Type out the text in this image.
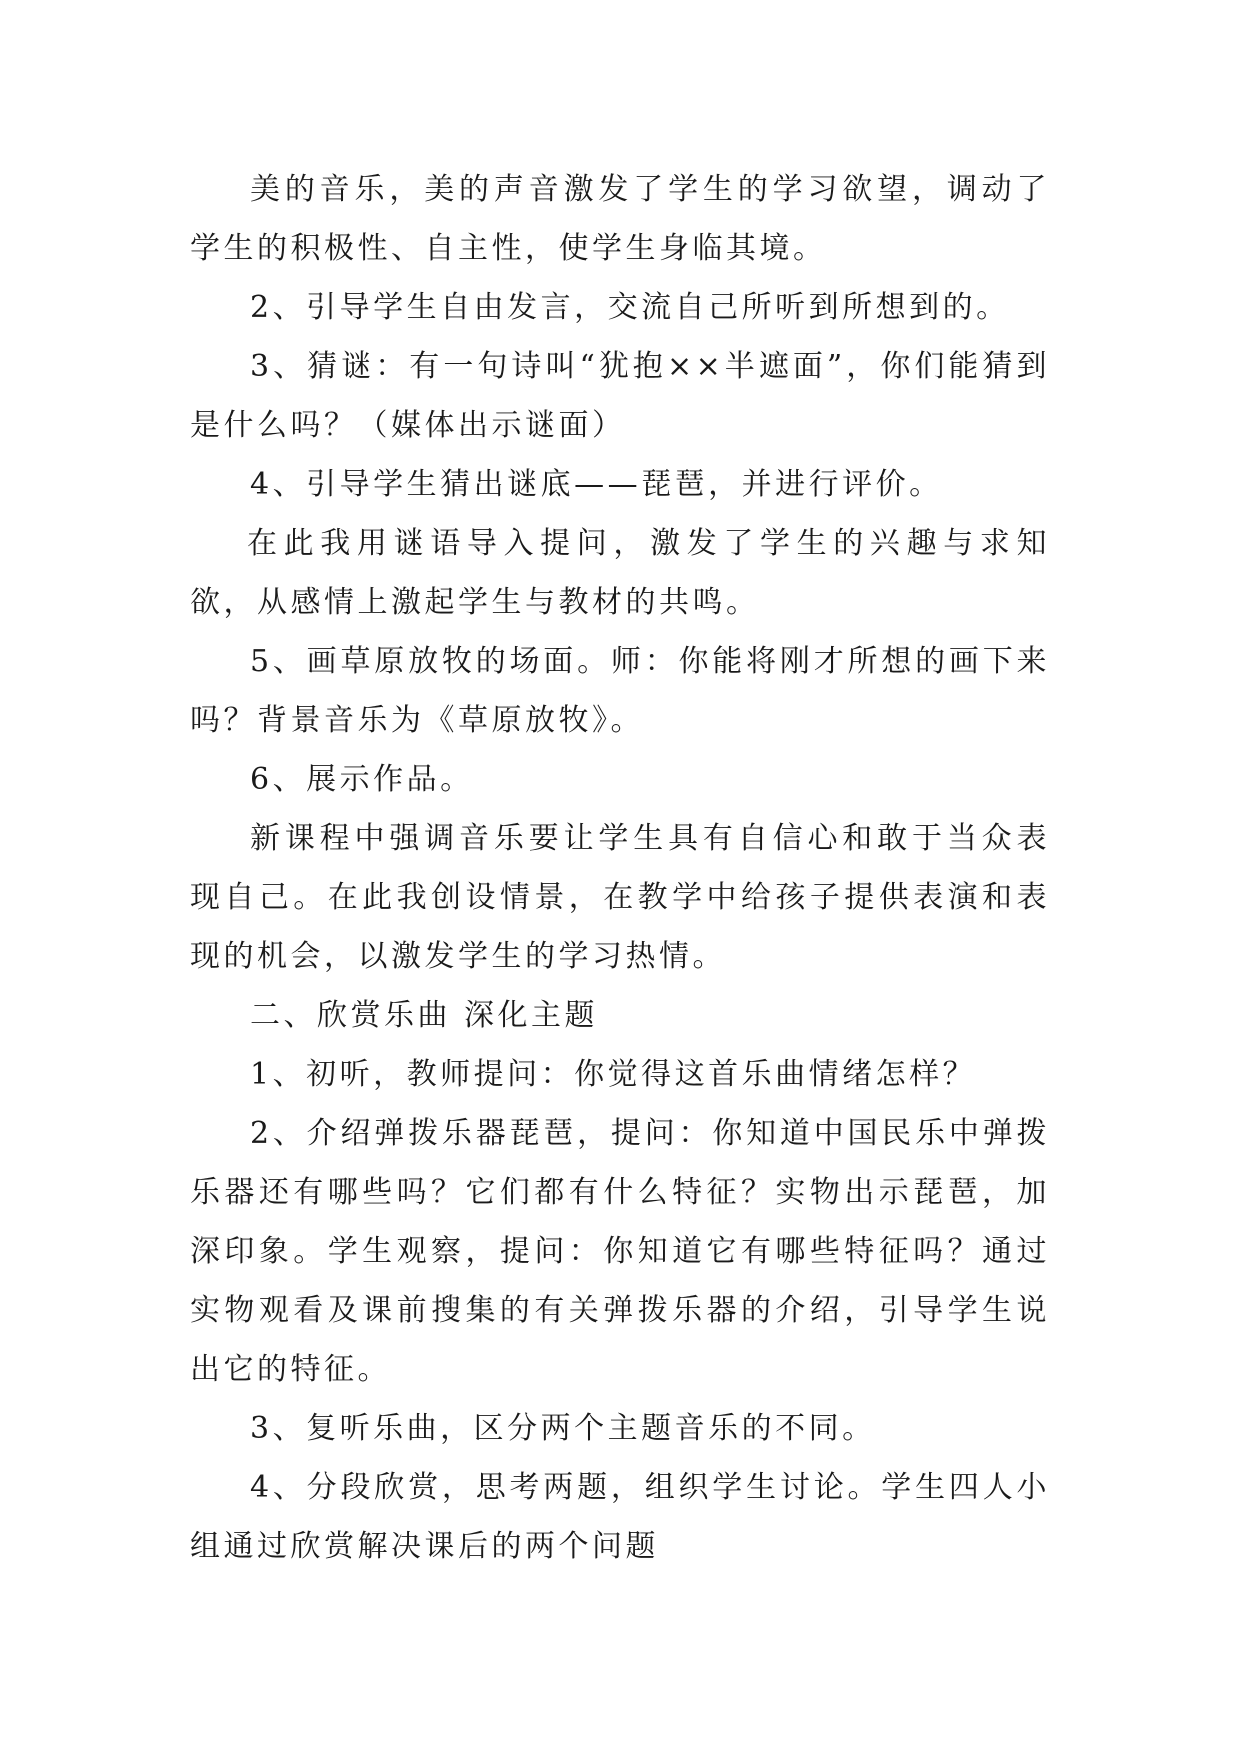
美的音乐，美的声音激发了学生的学习欲望，调动了学生的积极性、自主性，使学生身临其境。

2、引导学生自由发言，交流自己所听到所想到的。

3、猜谜：有一句诗叫“犹抱××半遮面”，你们能猜到是什么吗？（媒体出示谜面）

4、引导学生猜出谜底——琵琶，并进行评价。

在此我用谜语导入提问，激发了学生的兴趣与求知欲，从感情上激起学生与教材的共鸣。

5、画草原放牧的场面。师：你能将刚才所想的画下来吗？背景音乐为《草原放牧》。

6、展示作品。

新课程中强调音乐要让学生具有自信心和敢于当众表现自己。在此我创设情景，在教学中给孩子提供表演和表现的机会，以激发学生的学习热情。

二、欣赏乐曲 深化主题

1、初听，教师提问：你觉得这首乐曲情绪怎样？

2、介绍弹拨乐器琵琶，提问：你知道中国民乐中弹拨乐器还有哪些吗？它们都有什么特征？实物出示琵琶，加深印象。学生观察，提问：你知道它有哪些特征吗？通过实物观看及课前搜集的有关弹拨乐器的介绍，引导学生说出它的特征。

3、复听乐曲，区分两个主题音乐的不同。

4、分段欣赏，思考两题，组织学生讨论。学生四人小组通过欣赏解决课后的两个问题
